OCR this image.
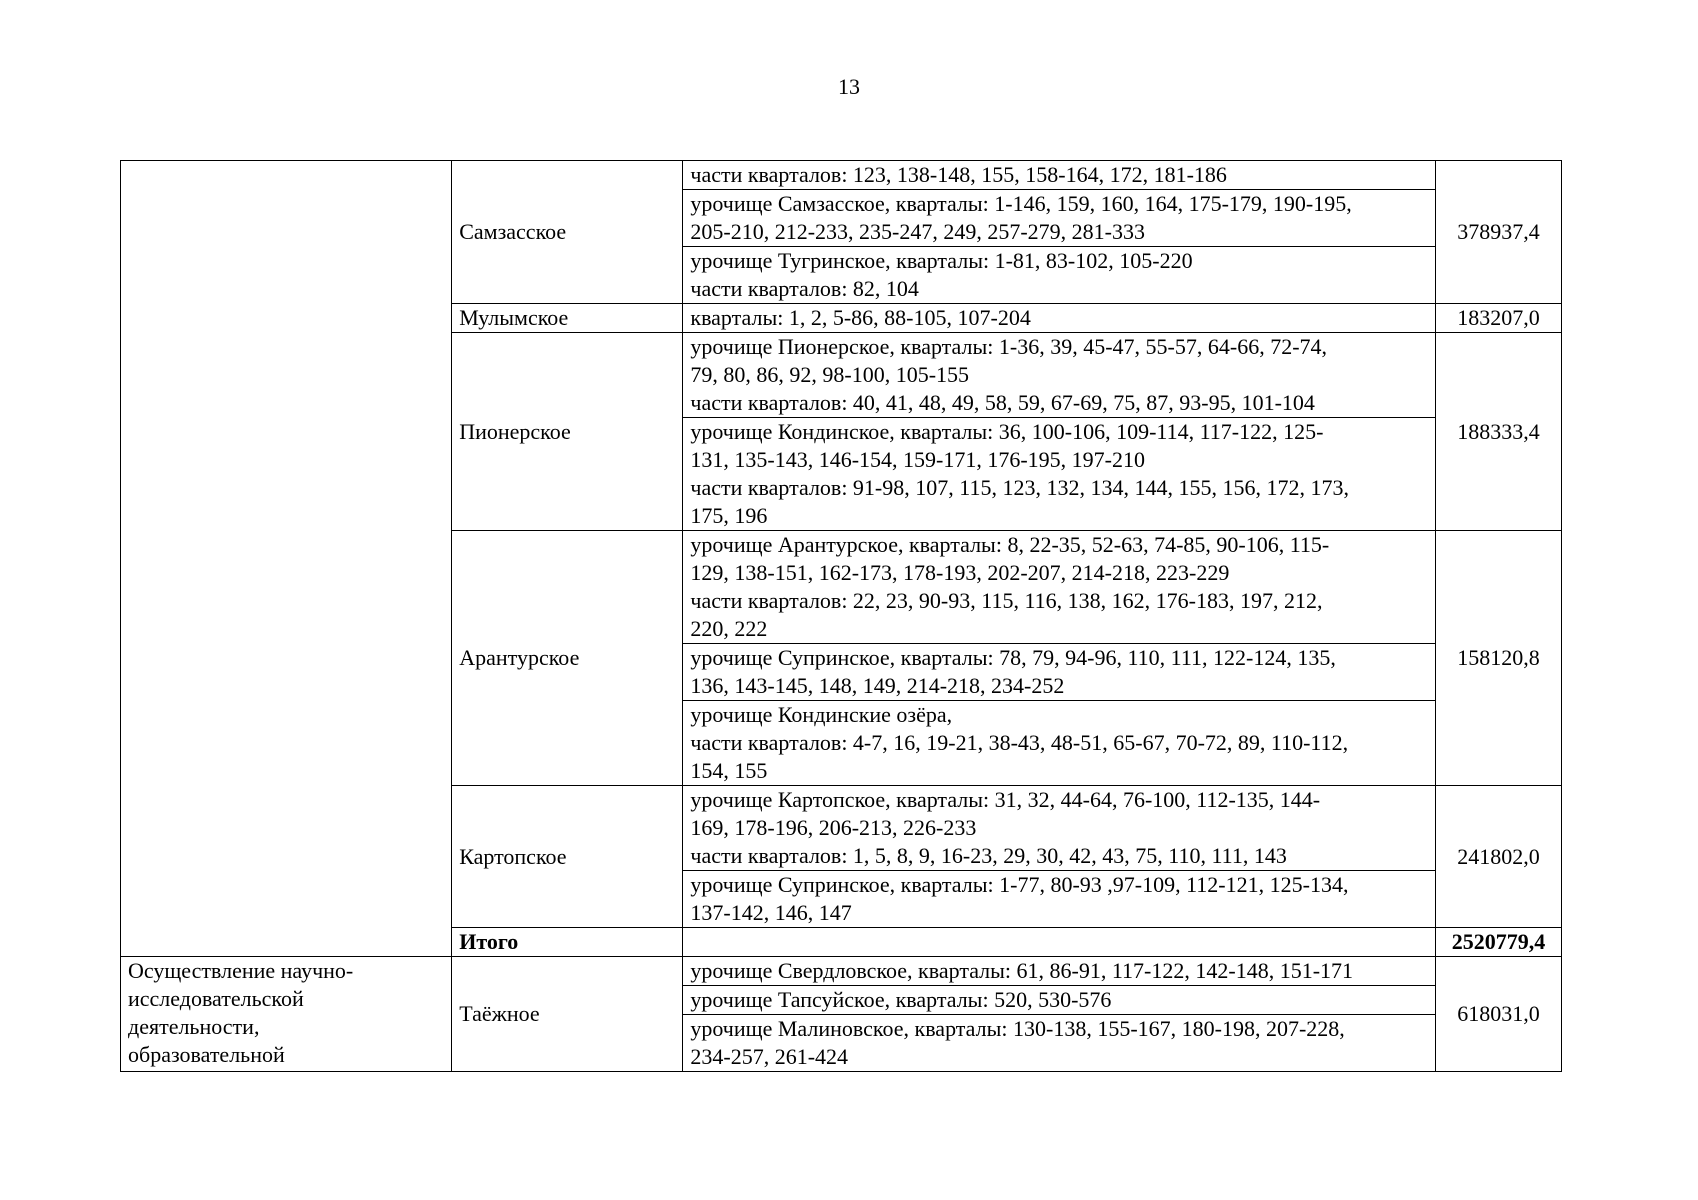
13
	Самзасское	части кварталов: 123, 138-148, 155, 158-164, 172, 181-186	378937,4

		урочище Самзасское, кварталы: 1-146, 159, 160, 164, 175-179, 190-195,
205-210, 212-233, 235-247, 249, 257-279, 281-333	

		урочище Тугринское, кварталы: 1-81, 83-102, 105-220
части кварталов: 82, 104	

	Мулымское	кварталы: 1, 2, 5-86, 88-105, 107-204	183207,0
	Пионерское	урочище Пионерское, кварталы: 1-36, 39, 45-47, 55-57, 64-66, 72-74,
79, 80, 86, 92, 98-100, 105-155
части кварталов: 40, 41, 48, 49, 58, 59, 67-69, 75, 87, 93-95, 101-104	188333,4

		урочище Кондинское, кварталы: 36, 100-106, 109-114, 117-122, 125-
131, 135-143, 146-154, 159-171, 176-195, 197-210
части кварталов: 91-98, 107, 115, 123, 132, 134, 144, 155, 156, 172, 173,
175, 196	

	Арантурское	урочище Арантурское, кварталы: 8, 22-35, 52-63, 74-85, 90-106, 115-
129, 138-151, 162-173, 178-193, 202-207, 214-218, 223-229
части кварталов: 22, 23, 90-93, 115, 116, 138, 162, 176-183, 197, 212,
220, 222	158120,8

		урочище Супринское, кварталы: 78, 79, 94-96, 110, 111, 122-124, 135,
136, 143-145, 148, 149, 214-218, 234-252	

		урочище Кондинские озёра,
части кварталов: 4-7, 16, 19-21, 38-43, 48-51, 65-67, 70-72, 89, 110-112,
154, 155	

	Картопское	урочище Картопское, кварталы: 31, 32, 44-64, 76-100, 112-135, 144-
169, 178-196, 206-213, 226-233
части кварталов: 1, 5, 8, 9, 16-23, 29, 30, 42, 43, 75, 110, 111, 143	241802,0

		урочище Супринское, кварталы: 1-77, 80-93 ,97-109, 112-121, 125-134,
137-142, 146, 147	

	Итого		2520779,4

Осуществление научно-
исследовательской
деятельности,
образовательной	Таёжное	урочище Свердловское, кварталы: 61, 86-91, 117-122, 142-148, 151-171	618031,0

		урочище Тапсуйское, кварталы: 520, 530-576	

		урочище Малиновское, кварталы: 130-138, 155-167, 180-198, 207-228,
234-257, 261-424	
